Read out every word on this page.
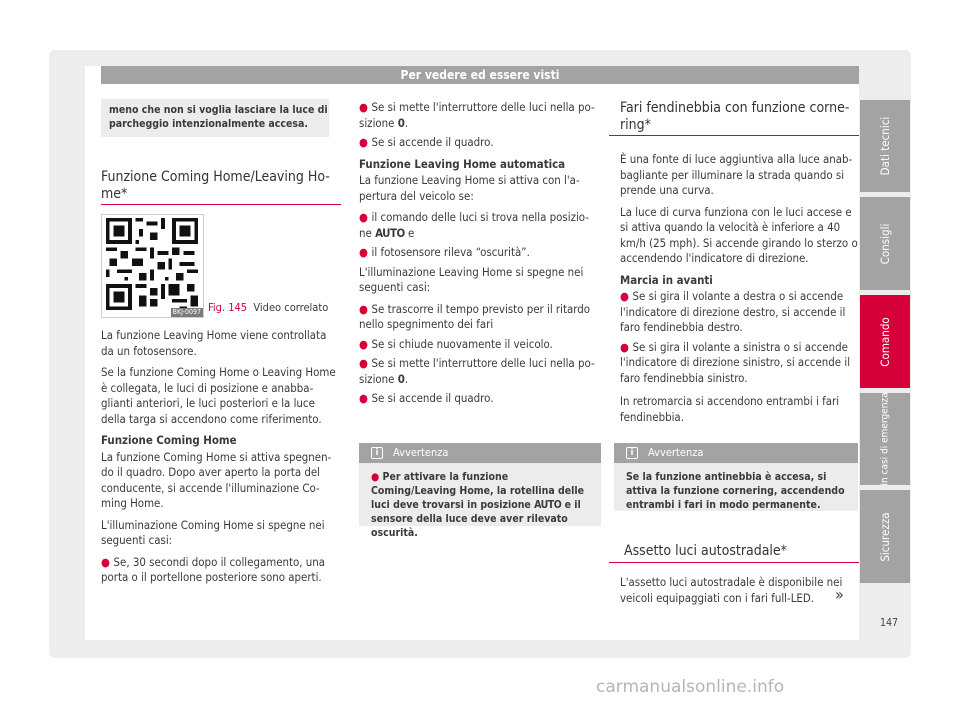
Per vedere ed essere visti
meno che non si voglia lasciare la luce di parcheggio intenzionalmente accesa.
Funzione Coming Home/Leaving Ho-me*
BKJ-0097 Fig. 145 Video correlato

La funzione Leaving Home viene controllata da un fotosensore.

Se la funzione Coming Home o Leaving Home è collegata, le luci di posizione e anabba-glianti anteriori, le luci posteriori e la luce della targa si accendono come riferimento.

Funzione Coming Home

La funzione Coming Home si attiva spegnen-do il quadro. Dopo aver aperto la porta del conducente, si accende l'illuminazione Co-ming Home.

L'illuminazione Coming Home si spegne nei seguenti casi:

● Se, 30 secondi dopo il collegamento, una porta o il portellone posteriore sono aperti.
● Se si mette l'interruttore delle luci nella po-sizione 0.
● Se si accende il quadro.
Funzione Leaving Home automatica

La funzione Leaving Home si attiva con l'a-pertura del veicolo se:

● il comando delle luci si trova nella posizio-ne AUTO e
● il fotosensore rileva “oscurità”.

L'illuminazione Leaving Home si spegne nei seguenti casi:

● Se trascorre il tempo previsto per il ritardo nello spegnimento dei fari
● Se si chiude nuovamente il veicolo.
● Se si mette l'interruttore delle luci nella po-sizione 0.
● Se si accende il quadro.
i	Avvertenza
● Per attivare la funzione Coming/Leaving Home, la rotellina delle luci deve trovarsi in posizione AUTO e il sensore della luce deve aver rilevato oscurità.
Fari fendinebbia con funzione corne-ring*

È una fonte di luce aggiuntiva alla luce anab-bagliante per illuminare la strada quando si prende una curva.

La luce di curva funziona con le luci accese e si attiva quando la velocità è inferiore a 40 km/h (25 mph). Si accende girando lo sterzo o accendendo l'indicatore di direzione.

Marcia in avanti
● Se si gira il volante a destra o si accende l'indicatore di direzione destro, si accende il faro fendinebbia destro.
● Se si gira il volante a sinistra o si accende l'indicatore di direzione sinistro, si accende il faro fendinebbia sinistro.

In retromarcia si accendono entrambi i fari fendinebbia.

i	Avvertenza
Se la funzione antinebbia è accesa, si attiva la funzione cornering, accendendo entrambi i fari in modo permanente.
Assetto luci autostradale*

L'assetto luci autostradale è disponibile nei veicoli equipaggiati con i fari full-LED.

Dati tecnici
Consigli
Comando
In casi di emergenza
Sicurezza
»
147
carmanualsonline.info
